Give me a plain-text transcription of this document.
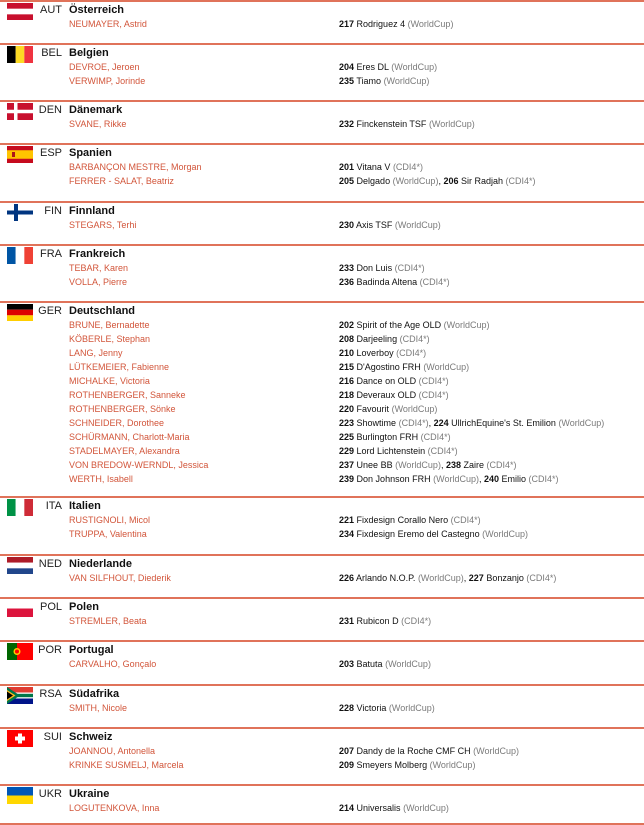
AUT Österreich
NEUMAYER, Astrid	217 Rodriguez 4 (WorldCup)
BEL Belgien
DEVROE, Jeroen	204 Eres DL (WorldCup)
VERWIMP, Jorinde	235 Tiamo (WorldCup)
DEN Dänemark
SVANE, Rikke	232 Finckenstein TSF (WorldCup)
ESP Spanien
BARBANÇON MESTRE, Morgan	201 Vitana V (CDI4*)
FERRER - SALAT, Beatriz	205 Delgado (WorldCup), 206 Sir Radjah (CDI4*)
FIN Finnland
STEGARS, Terhi	230 Axis TSF (WorldCup)
FRA Frankreich
TEBAR, Karen	233 Don Luis (CDI4*)
VOLLA, Pierre	236 Badinda Altena (CDI4*)
GER Deutschland
BRUNE, Bernadette	202 Spirit of the Age OLD (WorldCup)
KÖBERLE, Stephan	208 Darjeeling (CDI4*)
LANG, Jenny	210 Loverboy (CDI4*)
LÜTKEMEIER, Fabienne	215 D'Agostino FRH (WorldCup)
MICHALKE, Victoria	216 Dance on OLD (CDI4*)
ROTHENBERGER, Sanneke	218 Deveraux OLD (CDI4*)
ROTHENBERGER, Sönke	220 Favourit (WorldCup)
SCHNEIDER, Dorothee	223 Showtime (CDI4*), 224 UllrichEquine's St. Emilion (WorldCup)
SCHÜRMANN, Charlott-Maria	225 Burlington FRH (CDI4*)
STADELMAYER, Alexandra	229 Lord Lichtenstein (CDI4*)
VON BREDOW-WERNDL, Jessica	237 Unee BB (WorldCup), 238 Zaire (CDI4*)
WERTH, Isabell	239 Don Johnson FRH (WorldCup), 240 Emilio (CDI4*)
ITA Italien
RUSTIGNOLI, Micol	221 Fixdesign Corallo Nero (CDI4*)
TRUPPA, Valentina	234 Fixdesign Eremo del Castegno (WorldCup)
NED Niederlande
VAN SILFHOUT, Diederik	226 Arlando N.O.P. (WorldCup), 227 Bonzanjo (CDI4*)
POL Polen
STREMLER, Beata	231 Rubicon D (CDI4*)
POR Portugal
CARVALHO, Gonçalo	203 Batuta (WorldCup)
RSA Südafrika
SMITH, Nicole	228 Victoria (WorldCup)
SUI Schweiz
JOANNOU, Antonella	207 Dandy de la Roche CMF CH (WorldCup)
KRINKE SUSMELJ, Marcela	209 Smeyers Molberg (WorldCup)
UKR Ukraine
LOGUTENKOVA, Inna	214 Universalis (WorldCup)
